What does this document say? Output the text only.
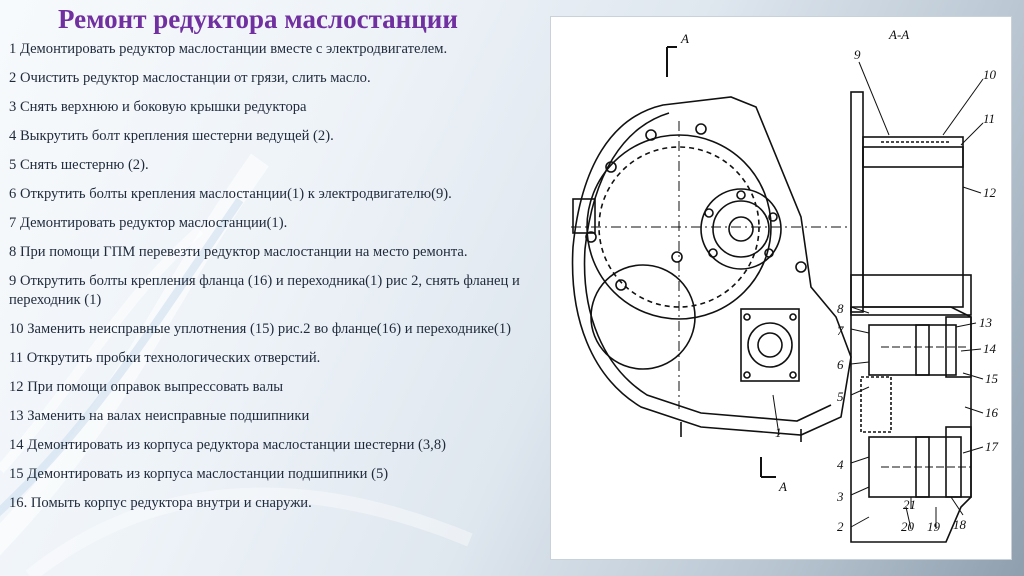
Ремонт редуктора маслостанции
1 Демонтировать редуктор маслостанции вместе с электродвигателем.
2 Очистить редуктор маслостанции от грязи, слить масло.
3 Снять верхнюю и боковую крышки редуктора
4 Выкрутить болт крепления шестерни ведущей (2).
5 Снять шестерню (2).
6 Открутить болты крепления маслостанции(1) к электродвигателю(9).
7 Демонтировать редуктор маслостанции(1).
8 При помощи ГПМ перевезти редуктор маслостанции на место ремонта.
9 Открутить болты крепления фланца (16) и переходника(1) рис 2, снять фланец и переходник (1)
10 Заменить неисправные уплотнения (15) рис.2 во фланце(16) и переходнике(1)
11 Открутить пробки технологических отверстий.
12 При помощи оправок выпрессовать валы
13 Заменить на валах неисправные подшипники
14 Демонтировать из корпуса редуктора маслостанции шестерни (3,8)
15 Демонтировать из корпуса маслостанции подшипники (5)
16. Помыть корпус редуктора внутри и снаружи.
А
А
А-А
1
8
7
6
5
4
3
2
9
10
11
12
13
14
15
16
17
18
21
20 19
